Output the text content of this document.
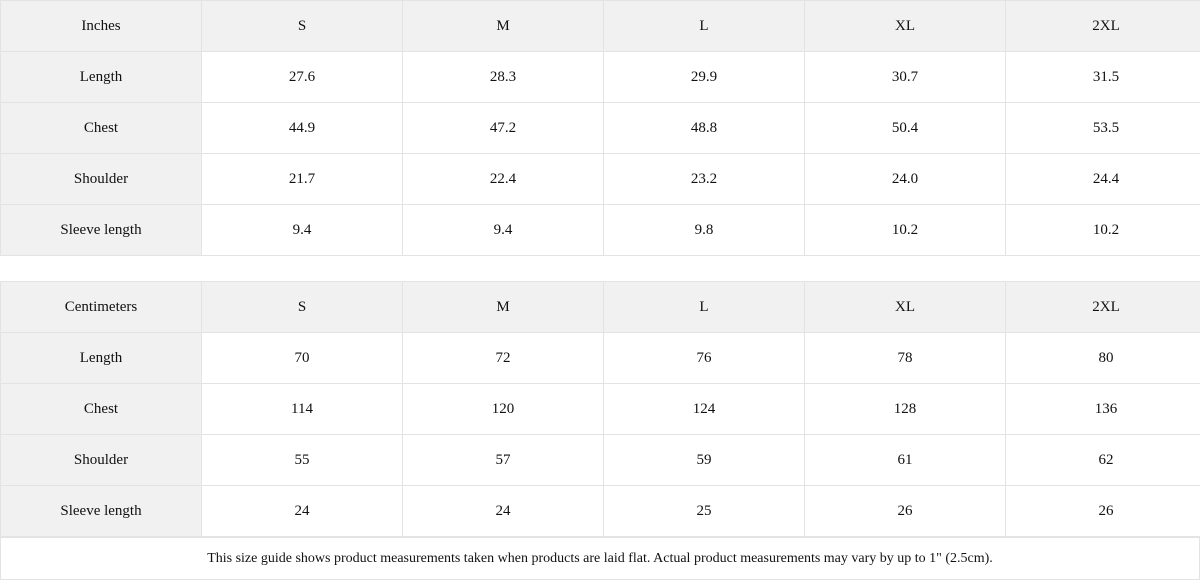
Inches	S	M	L	XL	2XL
Length	27.6	28.3	29.9	30.7	31.5
Chest	44.9	47.2	48.8	50.4	53.5
Shoulder	21.7	22.4	23.2	24.0	24.4
Sleeve length	9.4	9.4	9.8	10.2	10.2
Centimeters	S	M	L	XL	2XL
Length	70	72	76	78	80
Chest	114	120	124	128	136
Shoulder	55	57	59	61	62
Sleeve length	24	24	25	26	26
This size guide shows product measurements taken when products are laid flat. Actual product measurements may vary by up to 1" (2.5cm).
